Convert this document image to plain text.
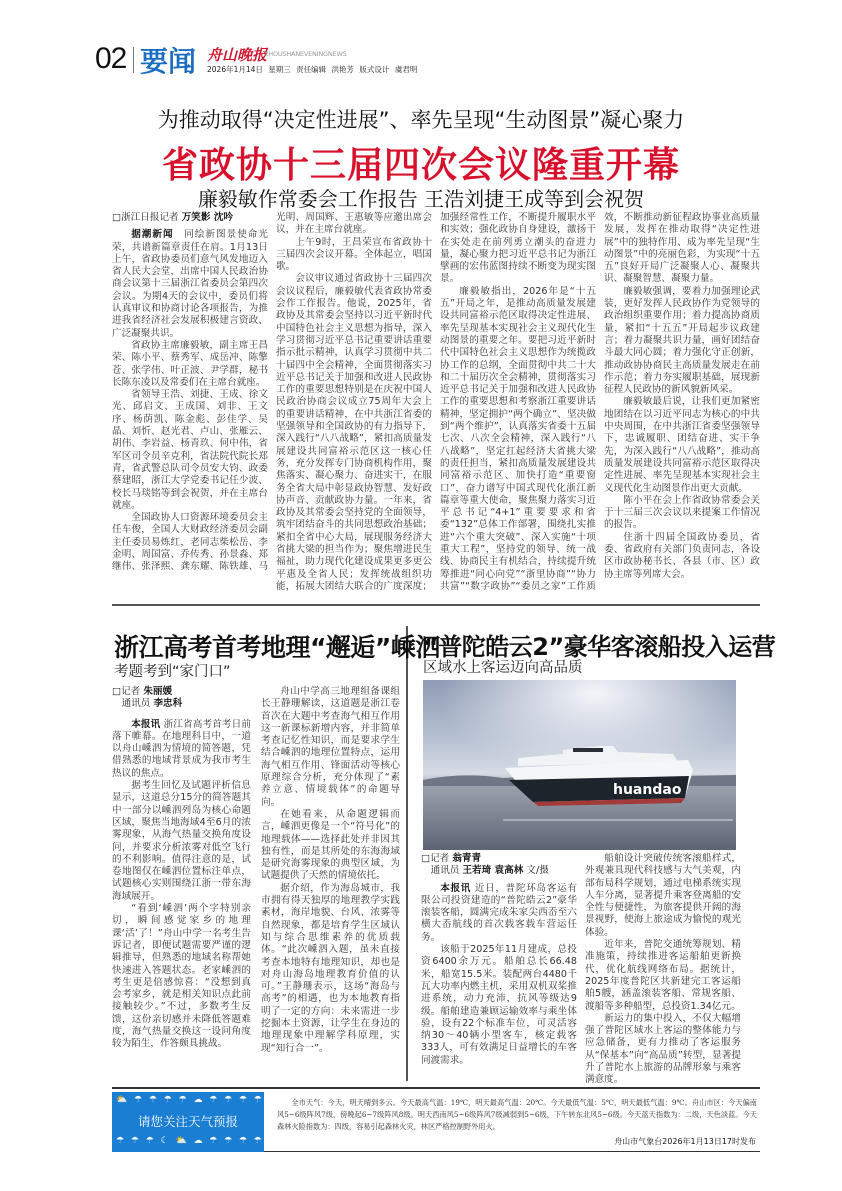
02 要闻 舟山晚报
ZHOUSHANEVENINGNEWS
2026年1月14日 星期三 责任编辑 洪艳芳 版式设计 虞君明
为推动取得“决定性进展”、率先呈现“生动图景”凝心聚力
省政协十三届四次会议隆重开幕
廉毅敏作常委会工作报告 王浩刘捷王成等到会祝贺

□浙江日报记者 万笑影 沈吟

据潮新闻  同绘新图景使命光荣，共谱新篇章责任在肩。1月13日上午，省政协委员们意气风发地迈入省人民大会堂，出席中国人民政治协商会议第十三届浙江省委员会第四次会议。为期4天的会议中，委员们将认真审议和协商讨论各项报告，为推进我省经济社会发展积极建言资政、广泛凝聚共识。

省政协主席廉毅敏，副主席王昌荣、陈小平、蔡秀军、成岳冲、陈擎苍、张学伟、叶正波、尹学群，秘书长陈东凌以及常委们在主席台就座。

省领导王浩、刘捷、王成、徐文光、邱启文、王成国、刘非、王文序、杨荫凯、陈金彪、彭佳学、吴晶、刘忻、赵光君、卢山、张雁云、胡伟、李岩益、杨青玖、何中伟，省军区司令员辛克利，省法院代院长郑青，省武警总队司令员安大钧、政委蔡建昭，浙江大学党委书记任少波、校长马琰铭等到会祝贺，并在主席台就座。

全国政协人口资源环境委员会主任车俊，全国人大财政经济委员会副主任委员易炼红，老同志柴松岳、李金明、周国富、乔传秀、孙景淼、郑继伟、张泽熙、龚东耀、陈铁雄、马光明、周国辉、王惠敏等应邀出席会议，并在主席台就座。

上午9时，王昌荣宣布省政协十三届四次会议开幕。全体起立，唱国歌。

会议审议通过省政协十三届四次会议议程后，廉毅敏代表省政协常委会作工作报告。他说，2025年，省政协及其常委会坚持以习近平新时代中国特色社会主义思想为指导，深入学习贯彻习近平总书记重要讲话重要指示批示精神，认真学习贯彻中共二十届四中全会精神，全面贯彻落实习近平总书记关于加强和改进人民政协工作的重要思想特别是在庆祝中国人民政治协商会议成立75周年大会上的重要讲话精神，在中共浙江省委的坚强领导和全国政协的有力指导下，深入践行“八八战略”，紧扣高质量发展建设共同富裕示范区这一核心任务，充分发挥专门协商机构作用，聚焦落实、凝心聚力、奋进实干，在服务全省大局中彰显政协智慧、发好政协声音、贡献政协力量。一年来，省政协及其常委会坚持党的全面领导，筑牢团结奋斗的共同思想政治基础；紧扣全省中心大局，展现服务经济大省挑大梁的担当作为；聚焦增进民生福祉，助力现代化建设成果更多更公平惠及全省人民；发挥统战组织功能，拓展大团结大联合的广度深度；加强经常性工作，不断提升履职水平和实效；强化政协自身建设，激扬干在实处走在前列勇立潮头的奋进力量，凝心聚力把习近平总书记为浙江擘画的宏伟蓝图持续不断变为现实图景。

廉毅敏指出，2026年是“十五五”开局之年，是推动高质量发展建设共同富裕示范区取得决定性进展、率先呈现基本实现社会主义现代化生动图景的重要之年。要把习近平新时代中国特色社会主义思想作为统揽政协工作的总纲，全面贯彻中共二十大和二十届历次全会精神，贯彻落实习近平总书记关于加强和改进人民政协工作的重要思想和考察浙江重要讲话精神，坚定拥护“两个确立”、坚决做到“两个维护”，认真落实省委十五届七次、八次全会精神，深入践行“八八战略”，坚定扛起经济大省挑大梁的责任担当，紧扣高质量发展建设共同富裕示范区、加快打造“重要窗口”，奋力谱写中国式现代化浙江新篇章等重大使命，聚焦聚力落实习近平总书记“4+1”重要要求和省委“132”总体工作部署，围绕扎实推进“六个重大突破”、深入实施“十项重大工程”，坚持党的领导、统一战线、协商民主有机结合，持续提升统筹推进“同心向党”“浙里协商”“协力共富”“数字政协”“委员之家”工作质效，不断推动新征程政协事业高质量发展，发挥在推动取得“决定性进展”中的独特作用、成为率先呈现“生动图景”中的亮丽色彩，为实现“十五五”良好开局广泛凝聚人心、凝聚共识、凝聚智慧、凝聚力量。

廉毅敏强调，要着力加强理论武装，更好发挥人民政协作为党领导的政治组织重要作用；着力提高协商质量，紧扣“十五五”开局起步议政建言；着力凝聚共识力量，画好团结奋斗最大同心圆；着力强化守正创新，推动政协协商民主高质量发展走在前作示范；着力夯实履职基础，展现新征程人民政协的新风貌新风采。

廉毅敏最后说，让我们更加紧密地团结在以习近平同志为核心的中共中央周围，在中共浙江省委坚强领导下，忠诚履职、团结奋进、实干争先，为深入践行“八八战略”，推动高质量发展建设共同富裕示范区取得决定性进展、率先呈现基本实现社会主义现代化生动图景作出更大贡献。

陈小平在会上作省政协常委会关于十三届三次会议以来提案工作情况的报告。

住浙十四届全国政协委员，省委、省政府有关部门负责同志，各设区市政协秘书长、各县（市、区）政协主席等列席大会。

浙江高考首考地理“邂逅”嵊泗
考题考到“家门口”

□记者 朱丽媛

通讯员 李忠科

本报讯 浙江省高考首考日前落下帷幕。在地理科目中，一道以舟山嵊泗为情境的简答题，凭借熟悉的地域背景成为我市考生热议的焦点。

据考生回忆及试题评析信息显示，这道总分15分的简答题其中一部分以嵊泗列岛为核心命题区域，聚焦当地海域4至6月的浓雾现象，从海气热量交换角度设问，并要求分析浓雾对低空飞行的不利影响。值得注意的是，试卷地图仅在嵊泗位置标注单点，试题核心实则围绕江浙一带东海海域展开。

“看到‘嵊泗’两个字特别亲切，瞬间感觉家乡的地理课‘活’了！”舟山中学一名考生告诉记者，即便试题需要严谨的逻辑推导，但熟悉的地域名称帮她快速进入答题状态。老家嵊泗的考生更是倍感惊喜：“没想到真会考家乡，就是相关知识点此前接触较少。”不过，多数考生反馈，这份亲切感并未降低答题难度，海气热量交换这一设问角度较为陌生，作答颇具挑战。

舟山中学高三地理组备课组长王静珊解读，这道题是浙江卷首次在大题中考查海气相互作用这一新课标新增内容，并非简单考查记忆性知识，而是要求学生结合嵊泗的地理位置特点，运用海气相互作用、锋面活动等核心原理综合分析，充分体现了“素养立意、情境载体”的命题导向。

在她看来，从命题逻辑而言，嵊泗更像是一个“符号化”的地理载体——选择此处并非因其独有性，而是其所处的东海海域是研究海雾现象的典型区域，为试题提供了天然的情境依托。

据介绍，作为海岛城市，我市拥有得天独厚的地理教学实践素材，海岸地貌、台风、浓雾等自然现象，都是培育学生区域认知与综合思维素养的优质载体。“此次嵊泗入题，虽未直接考查本地特有地理知识，却也是对舟山海岛地理教育价值的认可。”王静珊表示，这场“海岛与高考”的相遇，也为本地教育指明了一定的方向：未来需进一步挖掘本土资源，让学生在身边的地理现象中理解学科原理，实现“知行合一”。

“普陀皓云2”豪华客滚船投入运营
区域水上客运迈向高品质
huandao

□记者 翁青青

通讯员 王若琦 袁高林 文/摄

本报讯 近日，普陀环岛客运有限公司投资建造的“普陀皓云2”豪华滚装客船，圆满完成朱家尖西岙至六横大岙航线的首次载客载车营运任务。

该船于2025年11月建成，总投资6400余万元。船舶总长66.48米，船宽15.5米。装配两台4480千瓦大功率内燃主机，采用双机双桨推进系统，动力充沛，抗风等级达9级。船舶建造兼顾运输效率与乘坐体验，设有22个标准车位，可灵活容纳30～40辆小型客车，核定载客333人，可有效满足日益增长的车客同渡需求。

船舶设计突破传统客滚船样式，外观兼具现代科技感与大气美观，内部布局科学规划，通过电梯系统实现人车分离，显著提升乘客登离船的安全性与便捷性，为旅客提供开阔的海景视野，使海上旅途成为愉悦的观光体验。

近年来，普陀交通统筹规划、精准施策，持续推进客运船舶更新换代，优化航线网络布局。据统计，2025年度普陀区共新建完工客运船舶5艘，涵盖滚装客船、常规客船、渡船等多种船型，总投资1.34亿元。

新运力的集中投入，不仅大幅增强了普陀区域水上客运的整体能力与应急储备，更有力推动了客运服务从“保基本”向“高品质”转型，显著提升了普陀水上旅游的品牌形象与乘客满意度。

⛅ ☂ ☂ ☂ ☂ ☁ ☂ ☂ ☂ ☂
请您关注天气预报
☂ ☂ ☂ ☾ ⛅ ☁ ☂ ☂ ☂ ☂
全市天气：今天，明天晴到多云。今天最高气温：19℃，明天最高气温：20℃。今天最低气温：5℃，明天最低气温：9℃。舟山市区：今天偏南风5~6级阵风7级，傍晚起6~7级阵风8级。明天西南风5~6级阵风7级减弱到5~6级，下午转东北风5~6级。今天蓝天指数为：二级，天色淡蓝。今天森林火险指数为：四级，容易引起森林火灾，林区严格控制野外用火。
舟山市气象台2026年1月13日17时发布
